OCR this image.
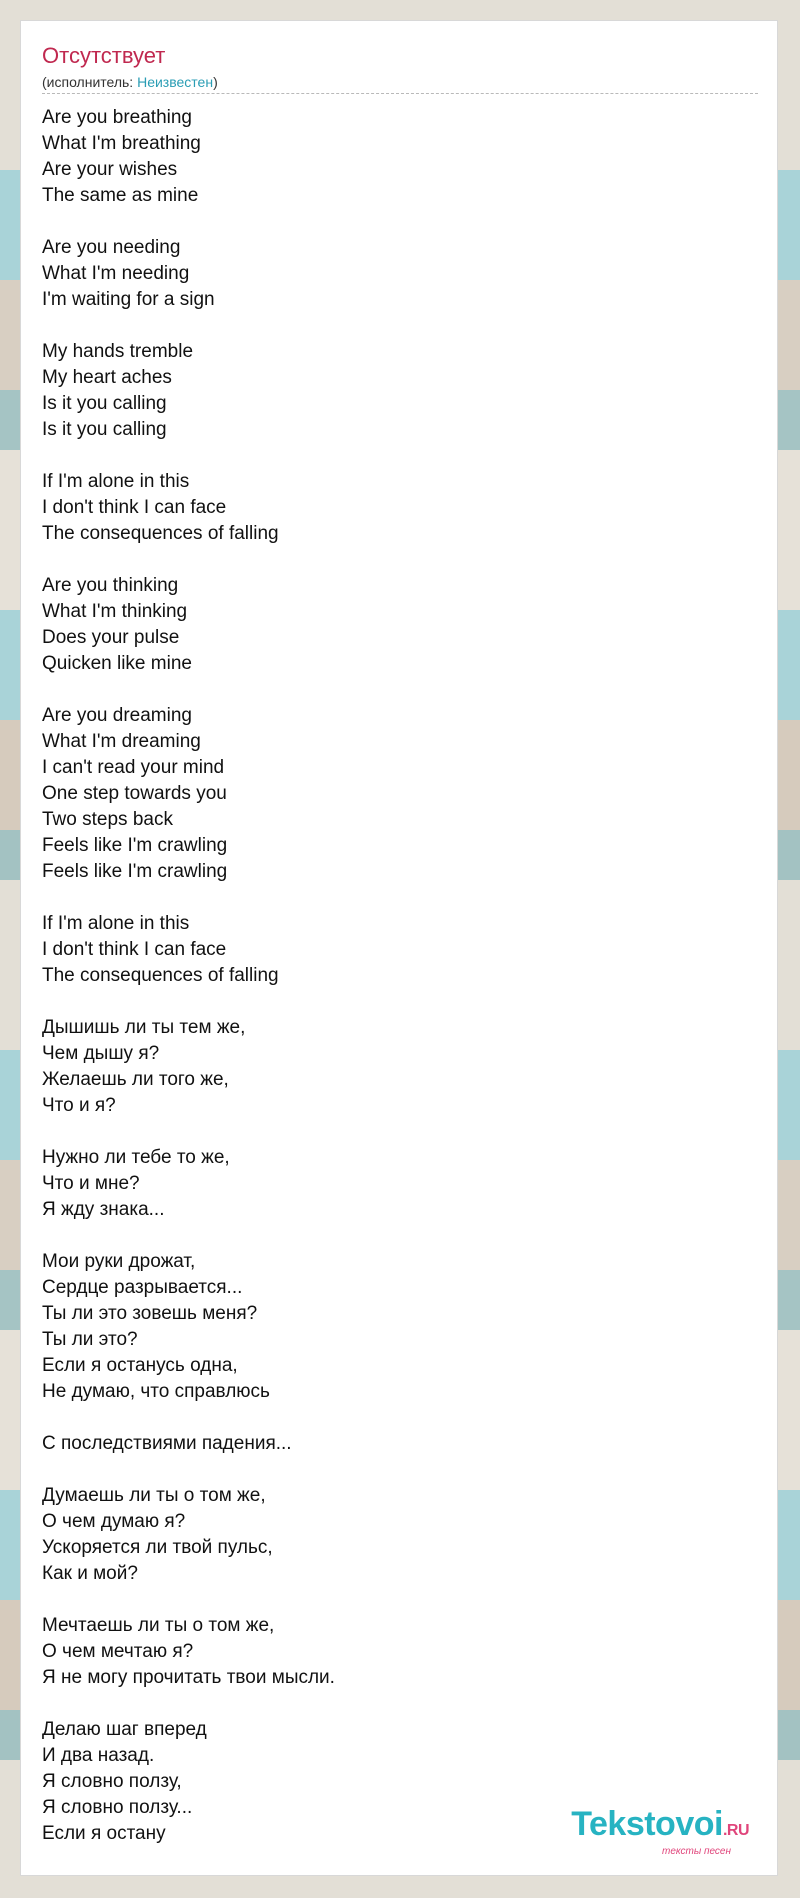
Отсутствует
(исполнитель: Неизвестен)
Are you breathing
What I'm breathing
Are your wishes
The same as mine
Are you needing
What I'm needing
I'm waiting for a sign
My hands tremble
My heart aches
Is it you calling
Is it you calling
If I'm alone in this
I don't think I can face
The consequences of falling
Are you thinking
What I'm thinking
Does your pulse
Quicken like mine
Are you dreaming
What I'm dreaming
I can't read your mind
One step towards you
Two steps back
Feels like I'm crawling
Feels like I'm crawling
If I'm alone in this
I don't think I can face
The consequences of falling
Дышишь ли ты тем же,
Чем дышу я?
Желаешь ли того же,
Что и я?
Нужно ли тебе то же,
Что и мне?
Я жду знака...
Мои руки дрожат,
Сердце разрывается...
Ты ли это зовешь меня?
Ты ли это?
Если я останусь одна,
Не думаю, что справлюсь
С последствиями падения...
Думаешь ли ты о том же,
О чем думаю я?
Ускоряется ли твой пульс,
Как и мой?
Мечтаешь ли ты о том же,
О чем мечтаю я?
Я не могу прочитать твои мысли.
Делаю шаг вперед
И два назад.
Я словно ползу,
Я словно ползу...
Если я остану	Tekstovoi.RU
тексты песен
